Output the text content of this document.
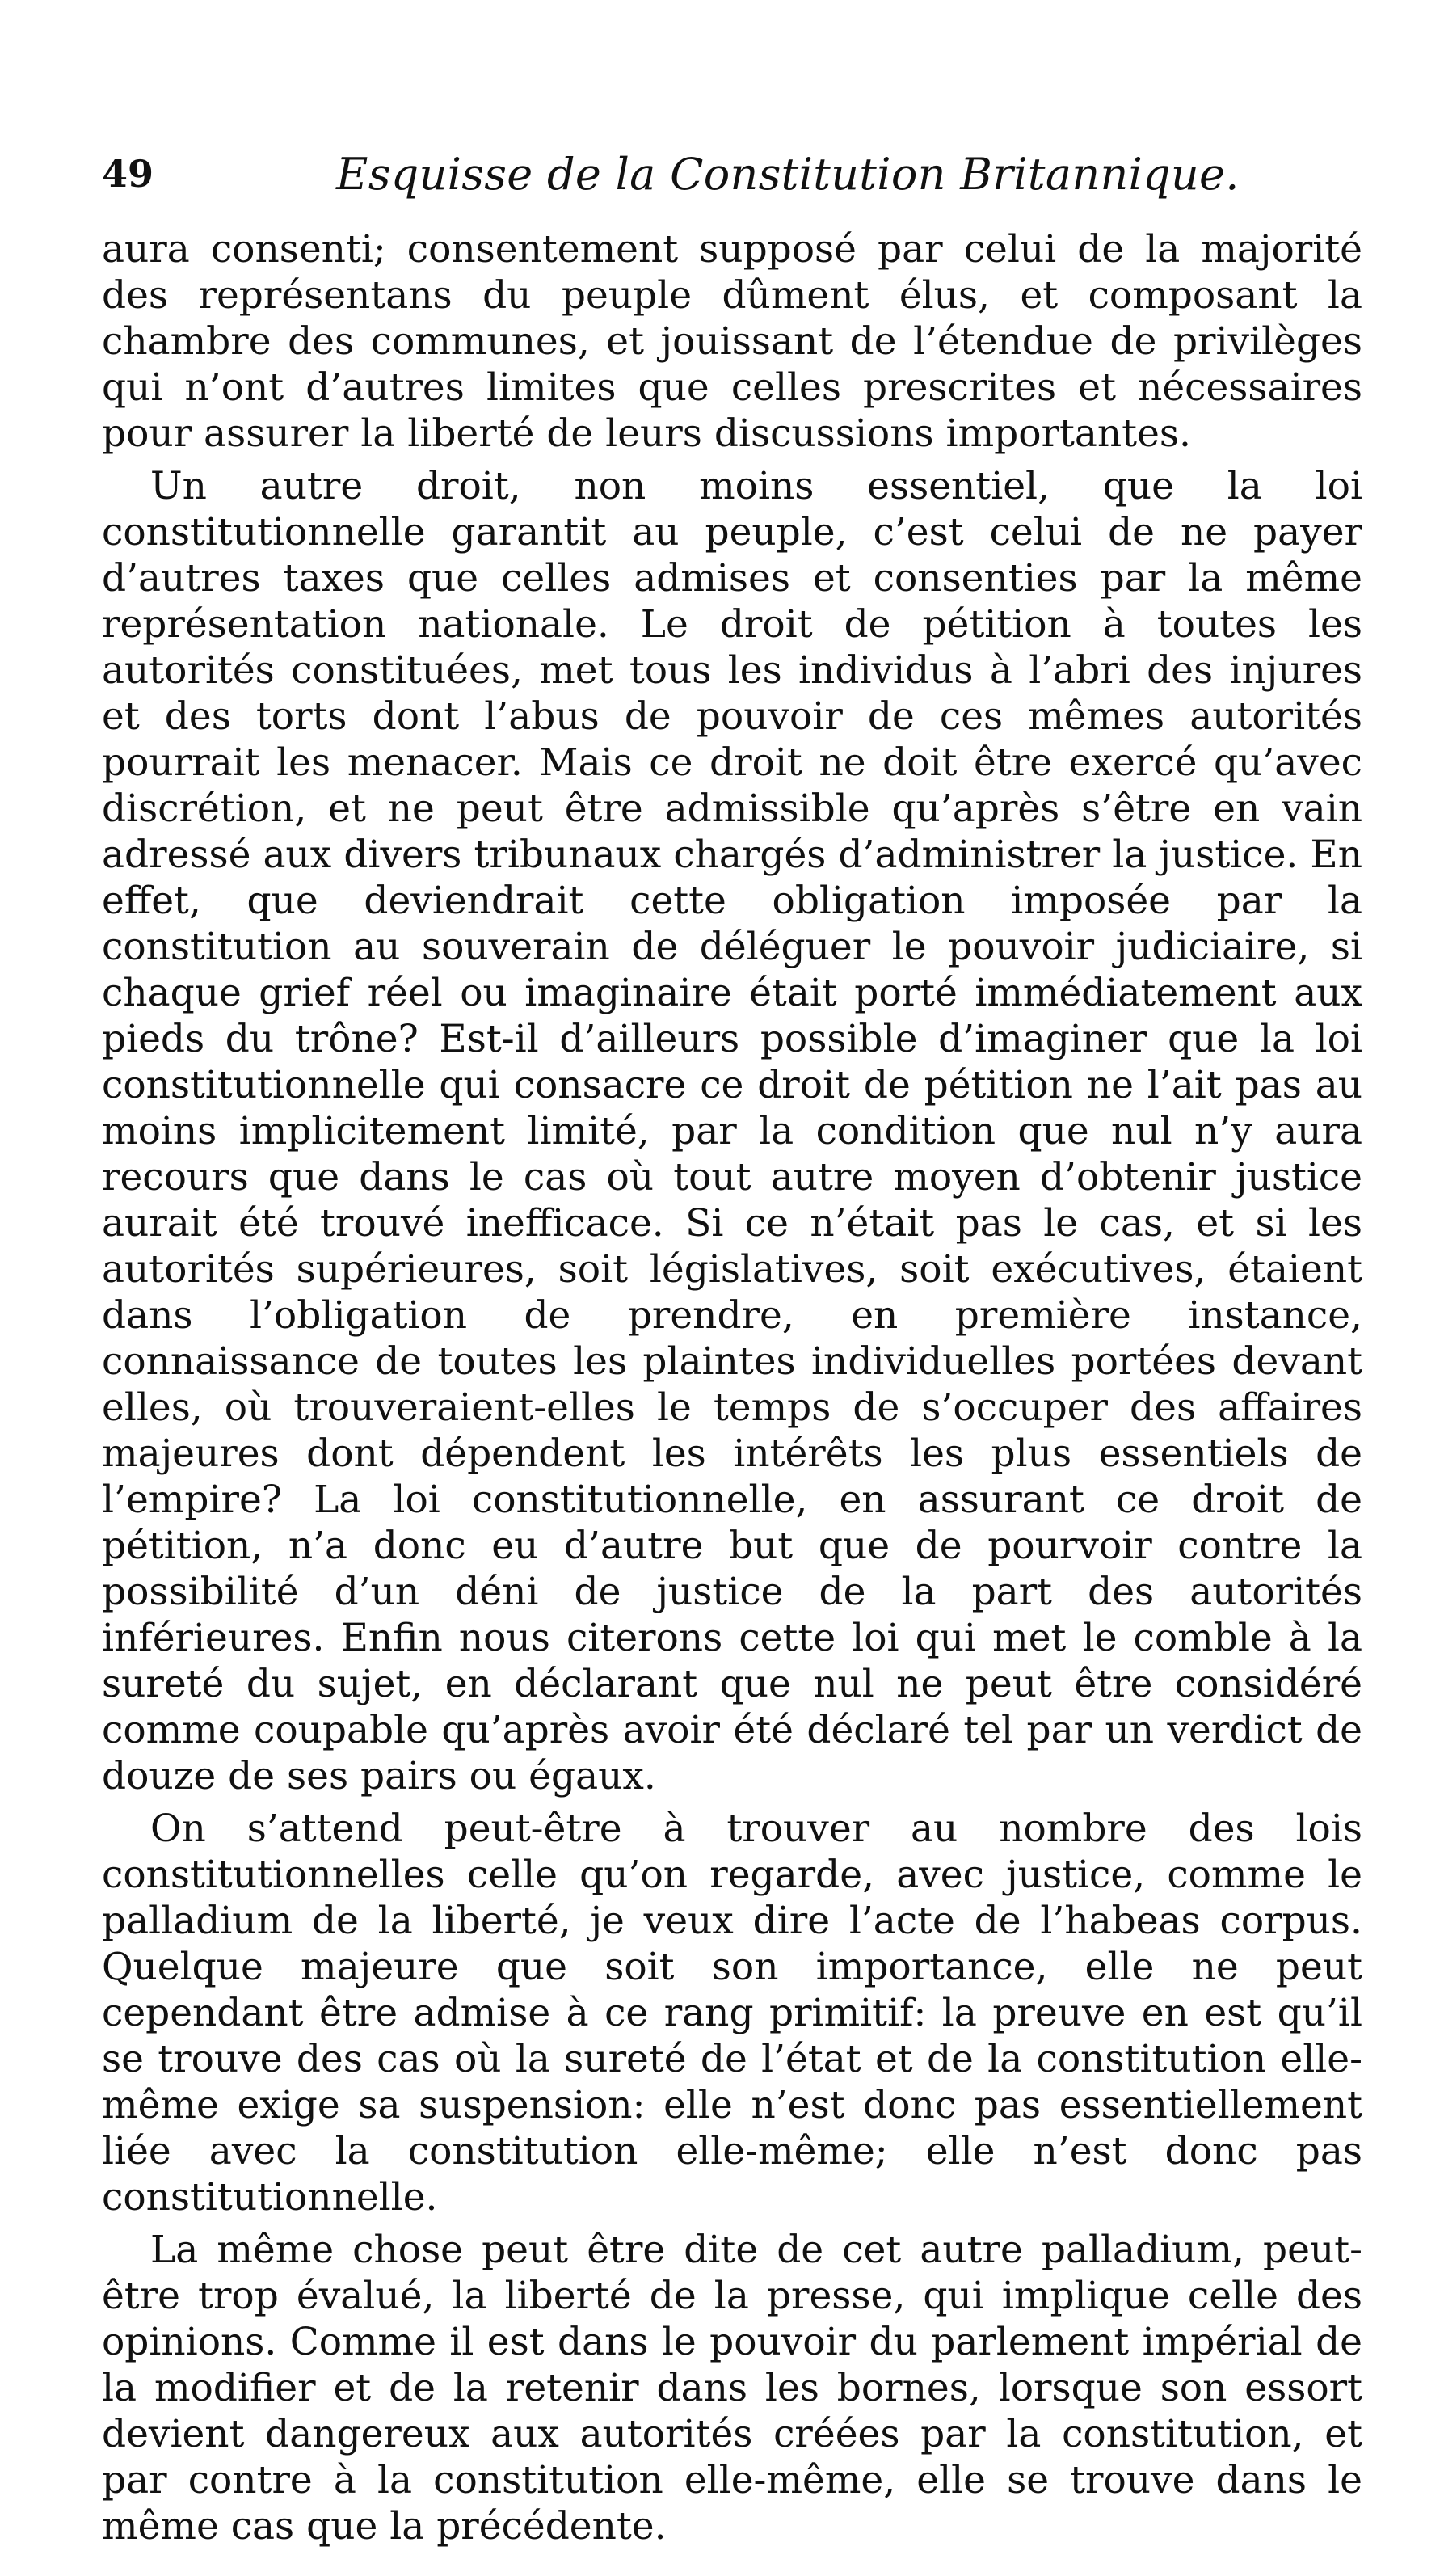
49	Esquisse de la Constitution Britannique.

aura consenti; consentement supposé par celui de la majorité des représentans du peuple dûment élus, et composant la chambre des communes, et jouissant de l’étendue de privilèges qui n’ont d’autres limites que celles prescrites et nécessaires pour assurer la liberté de leurs discussions importantes.

Un autre droit, non moins essentiel, que la loi constitutionnelle garantit au peuple, c’est celui de ne payer d’autres taxes que celles admises et consenties par la même représentation nationale. Le droit de pétition à toutes les autorités constituées, met tous les individus à l’abri des injures et des torts dont l’abus de pouvoir de ces mêmes autorités pourrait les menacer. Mais ce droit ne doit être exercé qu’avec discrétion, et ne peut être admissible qu’après s’être en vain adressé aux divers tribunaux chargés d’administrer la justice. En effet, que deviendrait cette obligation imposée par la constitution au souverain de déléguer le pouvoir judiciaire, si chaque grief réel ou imaginaire était porté immédiatement aux pieds du trône? Est-il d’ailleurs possible d’imaginer que la loi constitutionnelle qui consacre ce droit de pétition ne l’ait pas au moins implicitement limité, par la condition que nul n’y aura recours que dans le cas où tout autre moyen d’obtenir justice aurait été trouvé inefficace. Si ce n’était pas le cas, et si les autorités supérieures, soit législatives, soit exécutives, étaient dans l’obligation de prendre, en première instance, connaissance de toutes les plaintes individuelles portées devant elles, où trouveraient-elles le temps de s’occuper des affaires majeures dont dépendent les intérêts les plus essentiels de l’empire? La loi constitutionnelle, en assurant ce droit de pétition, n’a donc eu d’autre but que de pourvoir contre la possibilité d’un déni de justice de la part des autorités inférieures. Enfin nous citerons cette loi qui met le comble à la sureté du sujet, en déclarant que nul ne peut être considéré comme coupable qu’après avoir été déclaré tel par un verdict de douze de ses pairs ou égaux.

On s’attend peut-être à trouver au nombre des lois constitutionnelles celle qu’on regarde, avec justice, comme le palladium de la liberté, je veux dire l’acte de l’habeas corpus. Quelque majeure que soit son importance, elle ne peut cependant être admise à ce rang primitif: la preuve en est qu’il se trouve des cas où la sureté de l’état et de la constitution elle-même exige sa suspension: elle n’est donc pas essentiellement liée avec la constitution elle-même; elle n’est donc pas constitutionnelle.

La même chose peut être dite de cet autre palladium, peut-être trop évalué, la liberté de la presse, qui implique celle des opinions. Comme il est dans le pouvoir du parlement impérial de la modifier et de la retenir dans les bornes, lorsque son essort devient dangereux aux autorités créées par la constitution, et par contre à la constitution elle-même, elle se trouve dans le même cas que la précédente.
